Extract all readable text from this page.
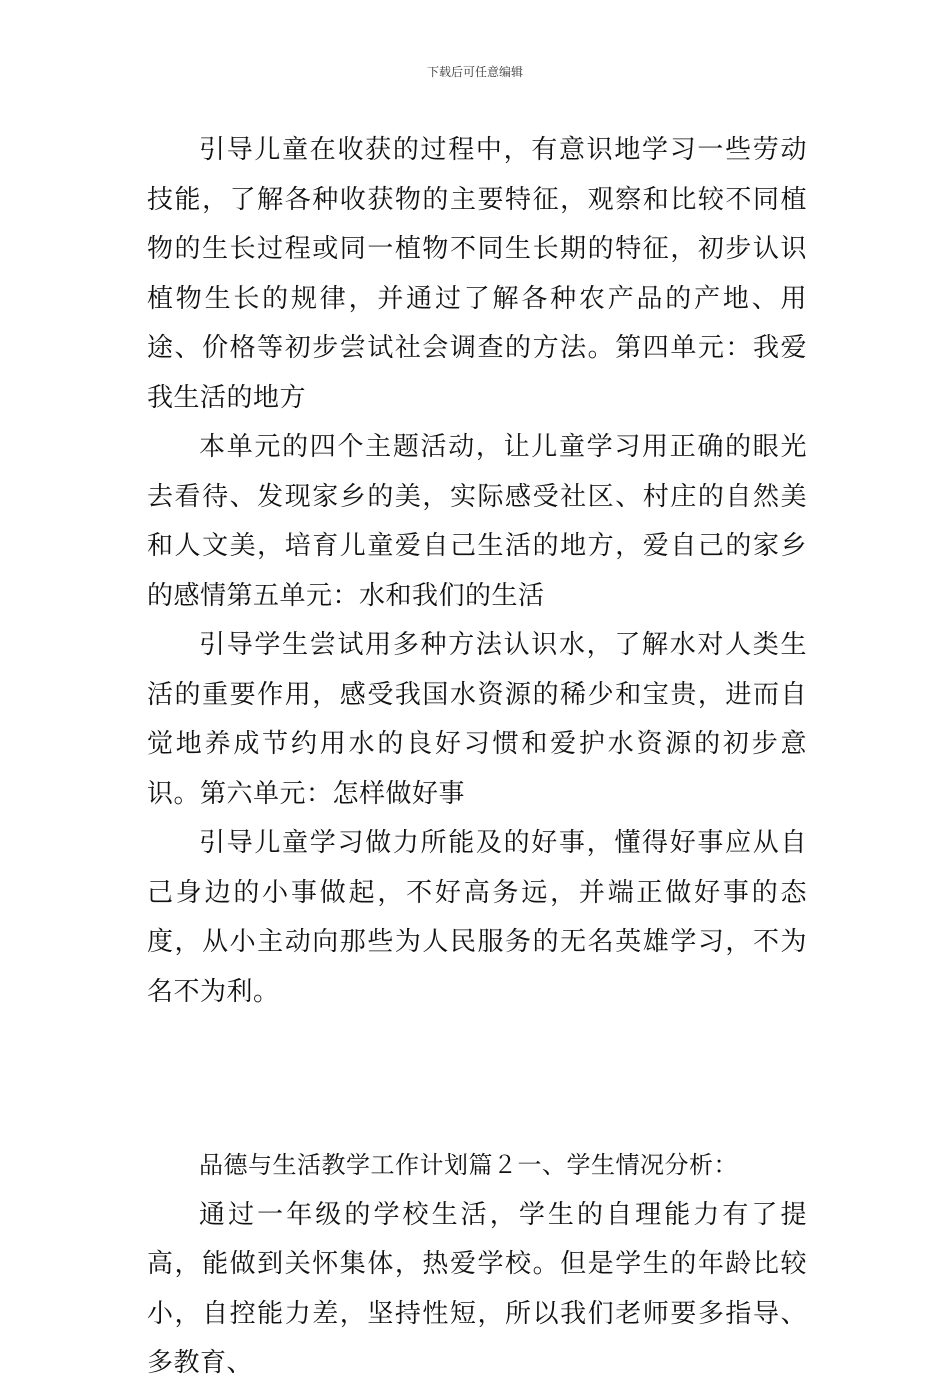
下载后可任意编辑

引导儿童在收获的过程中，有意识地学习一些劳动技能，了解各种收获物的主要特征，观察和比较不同植物的生长过程或同一植物不同生长期的特征，初步认识植物生长的规律，并通过了解各种农产品的产地、用途、价格等初步尝试社会调查的方法。第四单元：我爱我生活的地方

本单元的四个主题活动，让儿童学习用正确的眼光去看待、发现家乡的美，实际感受社区、村庄的自然美和人文美，培育儿童爱自己生活的地方，爱自己的家乡的感情第五单元：水和我们的生活

引导学生尝试用多种方法认识水，了解水对人类生活的重要作用，感受我国水资源的稀少和宝贵，进而自觉地养成节约用水的良好习惯和爱护水资源的初步意识。第六单元：怎样做好事

引导儿童学习做力所能及的好事，懂得好事应从自己身边的小事做起，不好高务远，并端正做好事的态度，从小主动向那些为人民服务的无名英雄学习，不为名不为利。

品德与生活教学工作计划篇２一、学生情况分析：

通过一年级的学校生活，学生的自理能力有了提高，能做到关怀集体，热爱学校。但是学生的年龄比较小，自控能力差，坚持性短，所以我们老师要多指导、多教育、
